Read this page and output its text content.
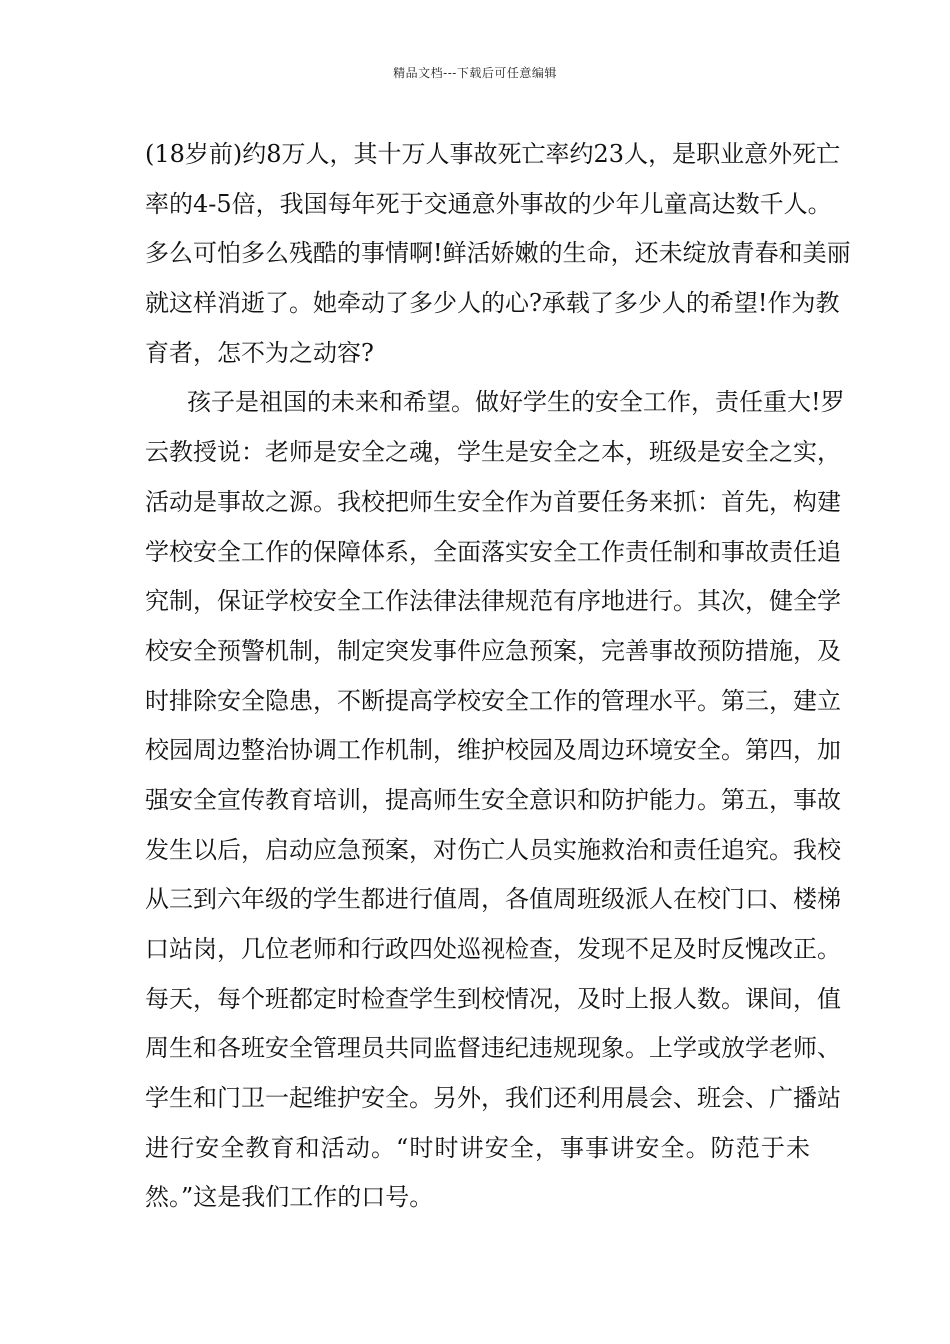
精品文档---下载后可任意编辑
(18岁前)约8万人，其十万人事故死亡率约23人，是职业意外死亡
率的4-5倍，我国每年死于交通意外事故的少年儿童高达数千人。
多么可怕多么残酷的事情啊!鲜活娇嫩的生命，还未绽放青春和美丽
就这样消逝了。她牵动了多少人的心?承载了多少人的希望!作为教
育者，怎不为之动容?
孩子是祖国的未来和希望。做好学生的安全工作，责任重大!罗
云教授说：老师是安全之魂，学生是安全之本，班级是安全之实，
活动是事故之源。我校把师生安全作为首要任务来抓：首先，构建
学校安全工作的保障体系，全面落实安全工作责任制和事故责任追
究制，保证学校安全工作法律法律规范有序地进行。其次，健全学
校安全预警机制，制定突发事件应急预案，完善事故预防措施，及
时排除安全隐患，不断提高学校安全工作的管理水平。第三，建立
校园周边整治协调工作机制，维护校园及周边环境安全。第四，加
强安全宣传教育培训，提高师生安全意识和防护能力。第五，事故
发生以后，启动应急预案，对伤亡人员实施救治和责任追究。我校
从三到六年级的学生都进行值周，各值周班级派人在校门口、楼梯
口站岗，几位老师和行政四处巡视检查，发现不足及时反愧改正。
每天，每个班都定时检查学生到校情况，及时上报人数。课间，值
周生和各班安全管理员共同监督违纪违规现象。上学或放学老师、
学生和门卫一起维护安全。另外，我们还利用晨会、班会、广播站
进行安全教育和活动。“时时讲安全，事事讲安全。防范于未
然。”这是我们工作的口号。
